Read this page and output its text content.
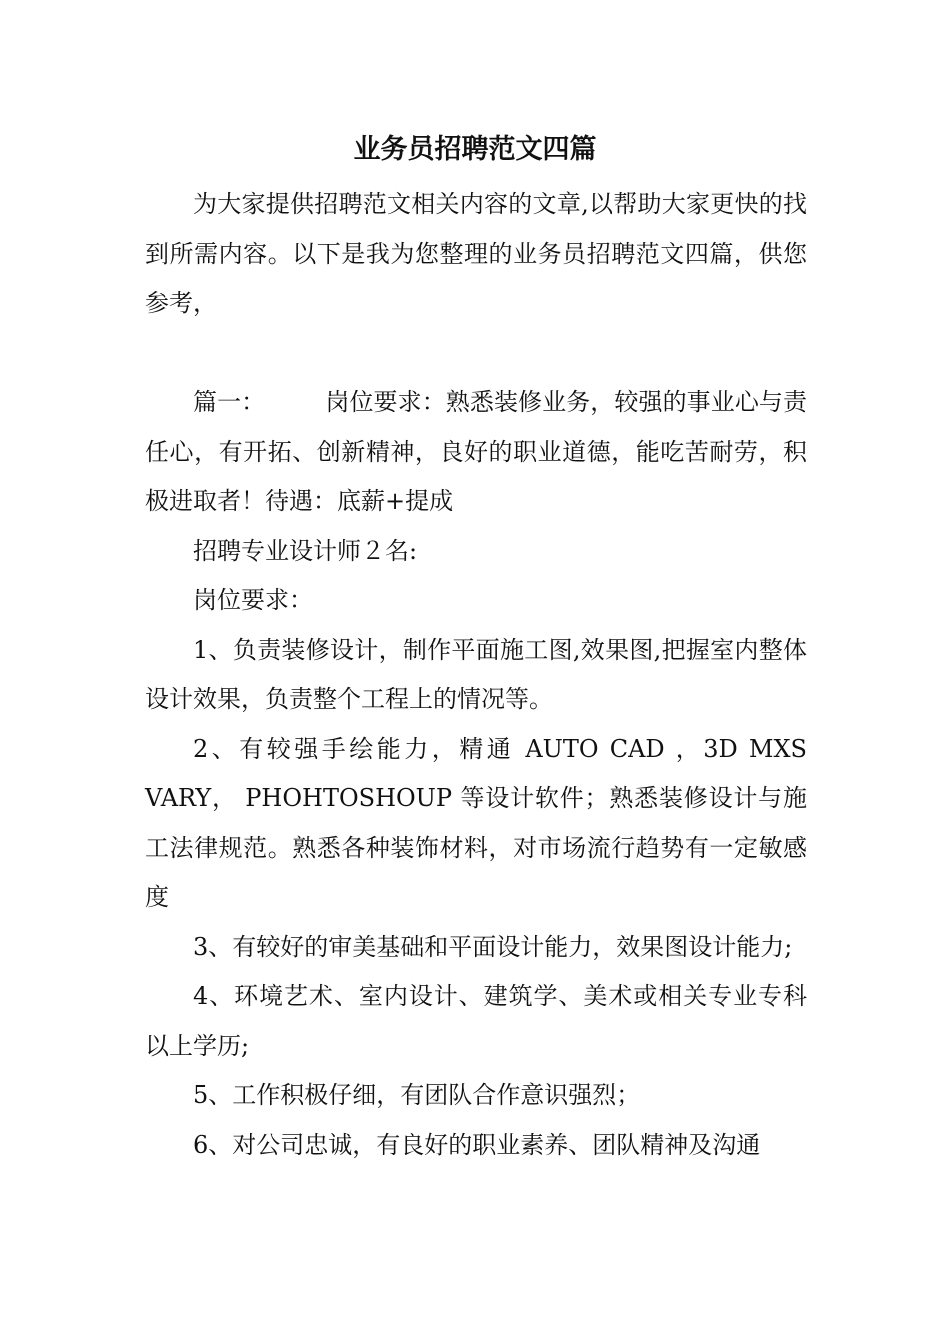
业务员招聘范文四篇

为大家提供招聘范文相关内容的文章,以帮助大家更快的找到所需内容。以下是我为您整理的业务员招聘范文四篇，供您参考，

篇一：	岗位要求：熟悉装修业务，较强的事业心与责任心，有开拓、创新精神，良好的职业道德，能吃苦耐劳，积极进取者！待遇：底薪+提成

招聘专业设计师２名:

岗位要求：

1、负责装修设计，制作平面施工图,效果图,把握室内整体设计效果，负责整个工程上的情况等。

2、有较强手绘能力，精通 AUTO CAD ，3D MXS VARY， PHOHTOSHOUP 等设计软件；熟悉装修设计与施工法律规范。熟悉各种装饰材料，对市场流行趋势有一定敏感度

3、有较好的审美基础和平面设计能力，效果图设计能力;

4、环境艺术、室内设计、建筑学、美术或相关专业专科以上学历;

5、工作积极仔细，有团队合作意识强烈；

6、对公司忠诚，有良好的职业素养、团队精神及沟通
